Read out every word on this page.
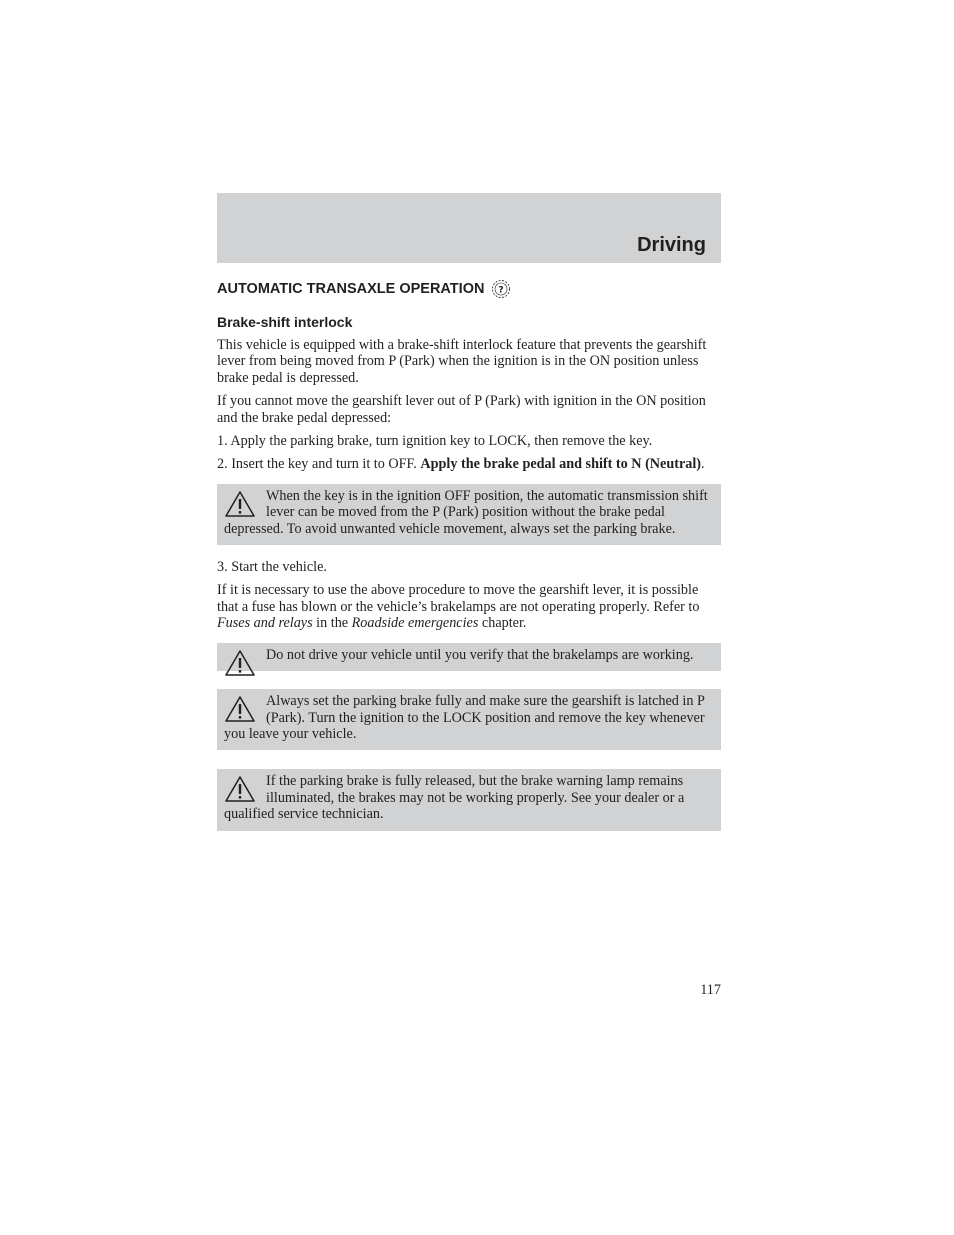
Driving
AUTOMATIC TRANSAXLE OPERATION ?
Brake-shift interlock

This vehicle is equipped with a brake-shift interlock feature that prevents the gearshift lever from being moved from P (Park) when the ignition is in the ON position unless brake pedal is depressed.

If you cannot move the gearshift lever out of P (Park) with ignition in the ON position and the brake pedal depressed:

1. Apply the parking brake, turn ignition key to LOCK, then remove the key.

2. Insert the key and turn it to OFF. Apply the brake pedal and shift to N (Neutral).

When the key is in the ignition OFF position, the automatic transmission shift lever can be moved from the P (Park) position without the brake pedal depressed. To avoid unwanted vehicle movement, always set the parking brake.

3. Start the vehicle.

If it is necessary to use the above procedure to move the gearshift lever, it is possible that a fuse has blown or the vehicle’s brakelamps are not operating properly. Refer to Fuses and relays in the Roadside emergencies chapter.

Do not drive your vehicle until you verify that the brakelamps are working.
Always set the parking brake fully and make sure the gearshift is latched in P (Park). Turn the ignition to the LOCK position and remove the key whenever you leave your vehicle.
If the parking brake is fully released, but the brake warning lamp remains illuminated, the brakes may not be working properly. See your dealer or a qualified service technician.
117
